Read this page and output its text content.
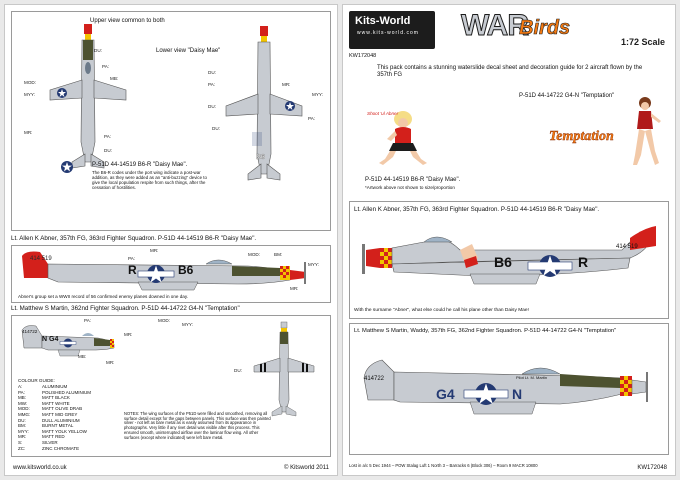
Upper view common to both
Lower view "Daisy Mae"
B6
DU:
PA:
MB:
MOD:
MYY:
MR:
PA:
DU:
DU:
PA:
DU:
MR:
MYY:
PA:
DU:
P-51D 44-14519 B6-R "Daisy Mae".
The B6-R codes under the port wing indicate a post-war addition, as they were added as an "anti-buzzing" device to give the local population respite from such things, after the cessation of hostilities.
Lt. Allen K Abner, 357th FG, 363rd Fighter Squadron. P-51D 44-14519 B6-R "Daisy Mae".
414 519
R	B6
MR:
PA:
MOD:	BM:
MYY:
MR:
Abner's group set a WWII record of 56 confirmed enemy planes downed in one day.
Lt. Matthew S Martin, 362nd Fighter Squadron. P-51D 44-14722 G4-N "Temptation"
414722
N G4
PA:	MOD:
MYY:
MR:
MB:
MR:
DU:
COLOUR GUIDE:
A:	ALUMINIUM
PA:	POLISHED ALUMINIUM
MB:	MATT BLACK
MW:	MATT WHITE
MOD:	MATT OLIVE DRAB
MMG:	MATT MID GREY
DU:	DULL ALUMINIUM
BM:	BURNT METAL
MYY:	MATT YOLK YELLOW
MR:	MATT RED
S:	SILVER
ZC:	ZINC CHROMATE
NOTES: The wing surfaces of the P51D were filled and smoothed, removing all surface detail except for the gaps between panels. This surface was then painted silver - not left as bare metal as is easily assumed from its appearance in photographs. Very little if any rivet detail was visible after this process. This ensured smooth, uninterrupted airflow over the laminar flow wing. All other surfaces (except where indicated) were left bare metal.
www.kitsworld.co.uk	© Kitsworld 2011
Kits-World
www.kits-world.com
KW172048
WAR
Birds
1:72 Scale
This pack contains a stunning waterslide decal sheet and decoration guide for 2 aircraft flown by the 357th FG
Shoot 'ul Abner
P-51D 44-14722 G4-N "Temptation"
Temptation
P-51D 44-14519 B6-R "Daisy Mae".
*Artwork above not shown to size/proportion
Lt. Allen K Abner, 357th FG, 363rd Fighter Squadron. P-51D 44-14519 B6-R "Daisy Mae".
414 519
B6	R
With the surname "Abner", what else could he call his plane other than Daisy Mae!
Lt. Matthew S Martin, Waddy, 357th FG, 362nd Fighter Squadron. P-51D 44-14722 G4-N "Temptation"
Pilot Lt. M. Martin
414722
G4	N
Lost in a/c 5 Dec 1944 – POW Stalag Luft 1 North 3 – Barracks 6 (Block 306) – Room 9 MACR 10800	KW172048
